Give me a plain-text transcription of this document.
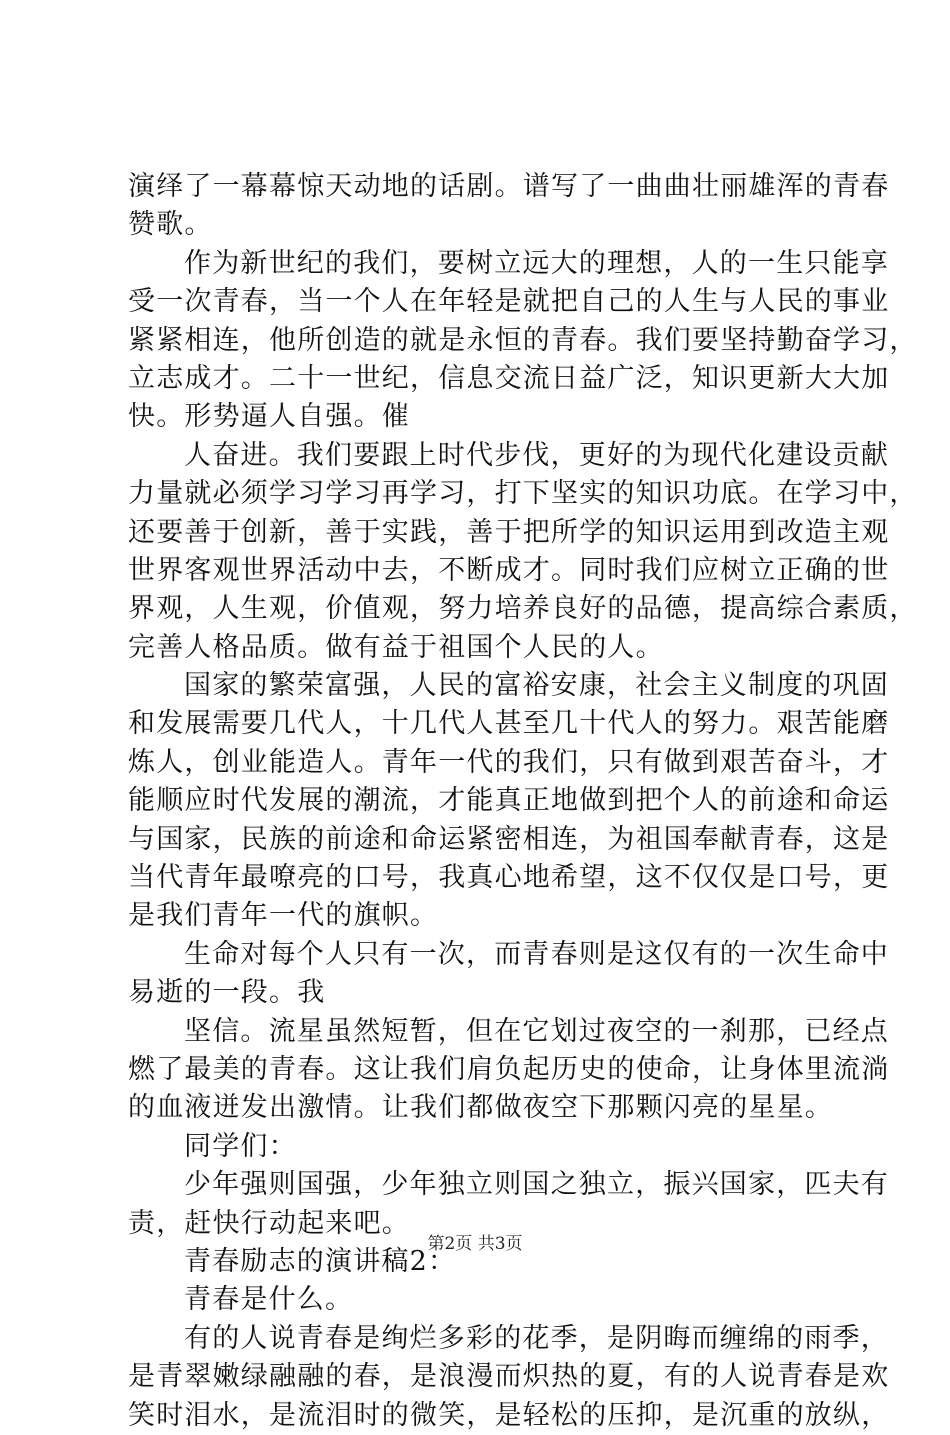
演绎了一幕幕惊天动地的话剧。谱写了一曲曲壮丽雄浑的青春
赞歌。
作为新世纪的我们，要树立远大的理想，人的一生只能享
受一次青春，当一个人在年轻是就把自己的人生与人民的事业
紧紧相连，他所创造的就是永恒的青春。我们要坚持勤奋学习，
立志成才。二十一世纪，信息交流日益广泛，知识更新大大加
快。形势逼人自强。催
人奋进。我们要跟上时代步伐，更好的为现代化建设贡献
力量就必须学习学习再学习，打下坚实的知识功底。在学习中，
还要善于创新，善于实践，善于把所学的知识运用到改造主观
世界客观世界活动中去，不断成才。同时我们应树立正确的世
界观，人生观，价值观，努力培养良好的品德，提高综合素质，
完善人格品质。做有益于祖国个人民的人。
国家的繁荣富强，人民的富裕安康，社会主义制度的巩固
和发展需要几代人，十几代人甚至几十代人的努力。艰苦能磨
炼人，创业能造人。青年一代的我们，只有做到艰苦奋斗，才
能顺应时代发展的潮流，才能真正地做到把个人的前途和命运
与国家，民族的前途和命运紧密相连，为祖国奉献青春，这是
当代青年最嘹亮的口号，我真心地希望，这不仅仅是口号，更
是我们青年一代的旗帜。
生命对每个人只有一次，而青春则是这仅有的一次生命中
易逝的一段。我
坚信。流星虽然短暂，但在它划过夜空的一刹那，已经点
燃了最美的青春。这让我们肩负起历史的使命，让身体里流淌
的血液迸发出激情。让我们都做夜空下那颗闪亮的星星。
同学们：
少年强则国强，少年独立则国之独立，振兴国家，匹夫有
责，赶快行动起来吧。
青春励志的演讲稿2：
青春是什么。
有的人说青春是绚烂多彩的花季，是阴晦而缠绵的雨季，
是青翠嫩绿融融的春，是浪漫而炽热的夏，有的人说青春是欢
笑时泪水，是流泪时的微笑，是轻松的压抑，是沉重的放纵，
第2页 共3页
